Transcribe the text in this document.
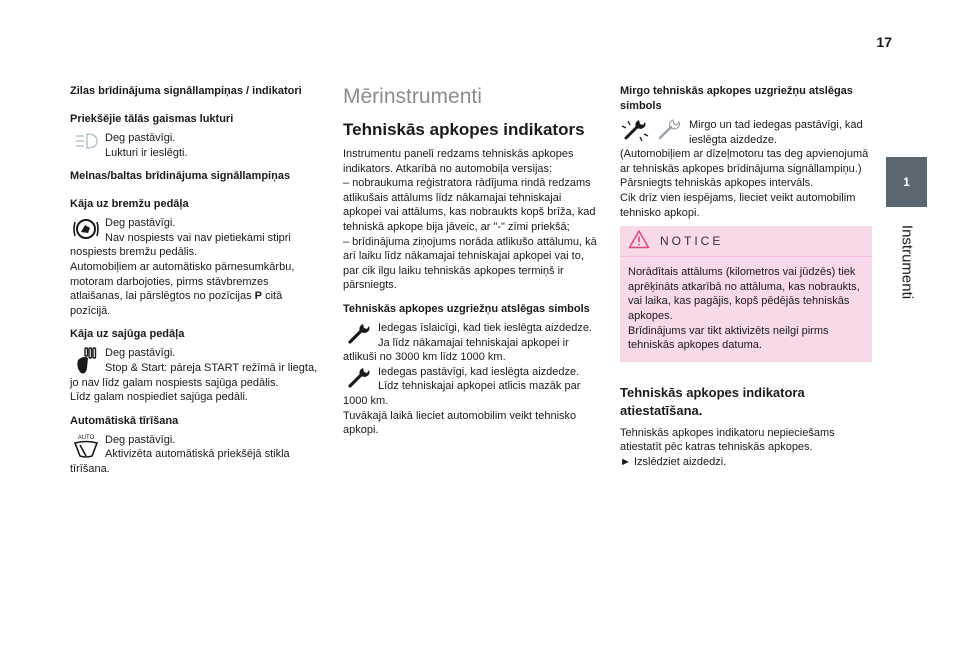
17
1
Instrumenti

Zilas brīdinājuma signāllampiņas / indikatori

Priekšējie tālās gaismas lukturi

Deg pastāvīgi.

Lukturi ir ieslēgti.

Melnas/baltas brīdinājuma signāllampiņas

Kāja uz bremžu pedāļa

Deg pastāvīgi.

Nav nospiests vai nav pietiekami stipri nospiests bremžu pedālis.

Automobiļiem ar automātisko pārnesumkārbu, motoram darbojoties, pirms stāvbremzes atlaišanas, lai pārslēgtos no pozīcijas P citā pozīcijā.

Kāja uz sajūga pedāļa

Deg pastāvīgi.

Stop & Start: pāreja START režīmā ir liegta, jo nav līdz galam nospiests sajūga pedālis.

Līdz galam nospiediet sajūga pedāli.

Automātiskā tīrīšana

AUTO Deg pastāvīgi.

Aktivizēta automātiskā priekšējā stikla tīrīšana.

Mērinstrumenti

Tehniskās apkopes indikators

Instrumentu panelī redzams tehniskās apkopes indikators. Atkarībā no automobiļa versijas:

– nobraukuma reģistratora rādījuma rindā redzams atlikušais attālums līdz nākamajai tehniskajai apkopei vai attālums, kas nobraukts kopš brīža, kad tehniskā apkope bija jāveic, ar "-" zīmi priekšā;

– brīdinājuma ziņojums norāda atlikušo attālumu, kā arī laiku līdz nākamajai tehniskajai apkopei vai to, par cik ilgu laiku tehniskās apkopes termiņš ir pārsniegts.

Tehniskās apkopes uzgriežņu atslēgas simbols

Iedegas īslaicīgi, kad tiek ieslēgta aizdedze.

Ja līdz nākamajai tehniskajai apkopei ir atlikuši no 3000 km līdz 1000 km.

Iedegas pastāvīgi, kad ieslēgta aizdedze.

Līdz tehniskajai apkopei atlicis mazāk par 1000 km.

Tuvākajā laikā lieciet automobilim veikt tehnisko apkopi.

Mirgo tehniskās apkopes uzgriežņu atslēgas simbols

Mirgo un tad iedegas pastāvīgi, kad ieslēgta aizdedze.

(Automobiļiem ar dīzeļmotoru tas deg apvienojumā ar tehniskās apkopes brīdinājuma signāllampiņu.)

Pārsniegts tehniskās apkopes intervāls.

Cik drīz vien iespējams, lieciet veikt automobilim tehnisko apkopi.

NOTICE

Norādītais attālums (kilometros vai jūdzēs) tiek aprēķināts atkarībā no attāluma, kas nobraukts, vai laika, kas pagājis, kopš pēdējās tehniskās apkopes.

Brīdinājums var tikt aktivizēts neilgi pirms tehniskās apkopes datuma.

Tehniskās apkopes indikatora atiestatīšana.

Tehniskās apkopes indikatoru nepieciešams atiestatīt pēc katras tehniskās apkopes.

► Izslēdziet aizdedzi.
